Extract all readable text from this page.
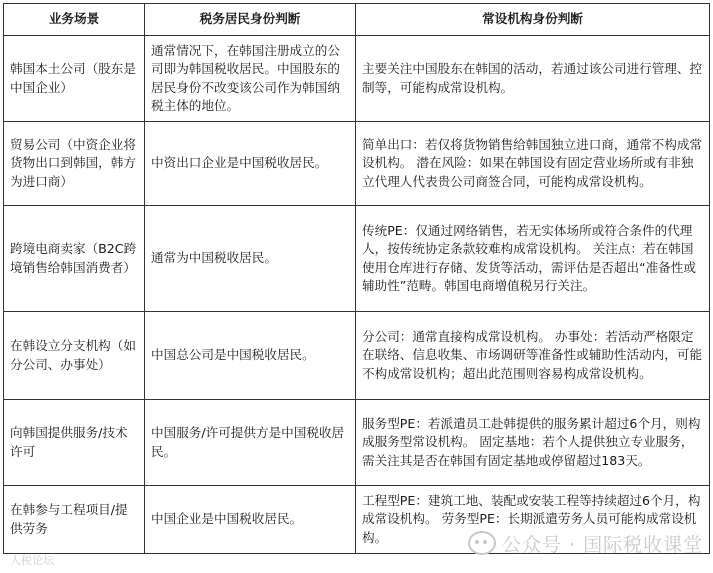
业务场景	税务居民身份判断	常设机构身份判断
韩国本土公司（股东是中国企业）	通常情况下，在韩国注册成立的公司即为韩国税收居民。中国股东的居民身份不改变该公司作为韩国纳税主体的地位。	主要关注中国股东在韩国的活动，若通过该公司进行管理、控制等，可能构成常设机构。
贸易公司（中资企业将货物出口到韩国，韩方为进口商）	中资出口企业是中国税收居民。	简单出口：若仅将货物销售给韩国独立进口商，通常不构成常设机构。 潜在风险：如果在韩国设有固定营业场所或有非独立代理人代表贵公司商签合同，可能构成常设机构。
跨境电商卖家（B2C跨境销售给韩国消费者）	通常为中国税收居民。	传统PE：仅通过网络销售，若无实体场所或符合条件的代理人，按传统协定条款较难构成常设机构。 关注点：若在韩国使用仓库进行存储、发货等活动，需评估是否超出“准备性或辅助性”范畴。韩国电商增值税另行关注。
在韩设立分支机构（如分公司、办事处）	中国总公司是中国税收居民。	分公司：通常直接构成常设机构。 办事处：若活动严格限定在联络、信息收集、市场调研等准备性或辅助性活动内，可能不构成常设机构；超出此范围则容易构成常设机构。
向韩国提供服务/技术许可	中国服务/许可提供方是中国税收居民。	服务型PE：若派遣员工赴韩提供的服务累计超过6个月，则构成服务型常设机构。 固定基地：若个人提供独立专业服务，需关注其是否在韩国有固定基地或停留超过183天。
在韩参与工程项目/提供劳务	中国企业是中国税收居民。	工程型PE：建筑工地、装配或安装工程等持续超过6个月，构成常设机构。 劳务型PE：长期派遣劳务人员可能构成常设机构。	公众号 · 国际税收课堂
人税论坛
